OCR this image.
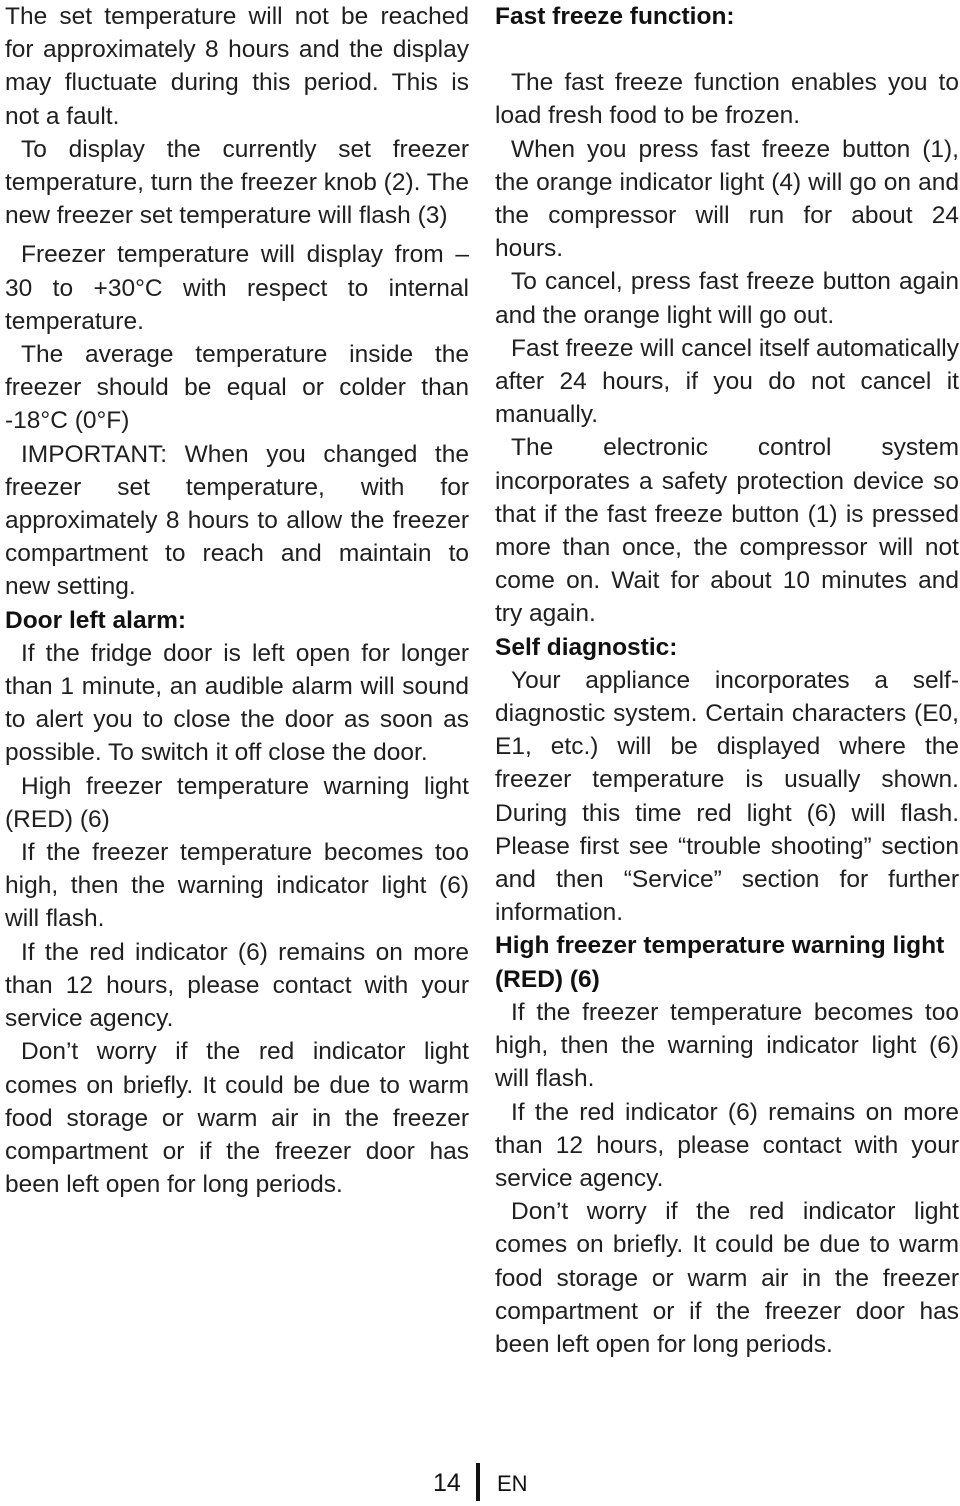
The set temperature will not be reached for approximately 8 hours and the display may fluctuate during this period. This is not a fault.

To display the currently set freezer temperature, turn the freezer knob (2). The new freezer set temperature will flash (3)

Freezer temperature will display from –30 to +30°C with respect to internal temperature.

The average temperature inside the freezer should be equal or colder than -18°C (0°F)

IMPORTANT: When you changed the freezer set temperature, with for approximately 8 hours to allow the freezer compartment to reach and maintain to new setting.

Door left alarm:

If the fridge door is left open for longer than 1 minute, an audible alarm will sound to alert you to close the door as soon as possible. To switch it off close the door.

High freezer temperature warning light (RED) (6)

If the freezer temperature becomes too high, then the warning indicator light (6) will flash.

If the red indicator (6) remains on more than 12 hours, please contact with your service agency.

Don’t worry if the red indicator light comes on briefly. It could be due to warm food storage or warm air in the freezer compartment or if the freezer door has been left open for long periods.

Fast freeze function:

The fast freeze function enables you to load fresh food to be frozen.

When you press fast freeze button (1), the orange indicator light (4) will go on and the compressor will run for about 24 hours.

To cancel, press fast freeze button again and the orange light will go out.

Fast freeze will cancel itself automatically after 24 hours, if you do not cancel it manually.

The electronic control system incorporates a safety protection device so that if the fast freeze button (1) is pressed more than once, the compressor will not come on. Wait for about 10 minutes and try again.

Self diagnostic:

Your appliance incorporates a self-diagnostic system. Certain characters (E0, E1, etc.) will be displayed where the freezer temperature is usually shown. During this time red light (6) will flash. Please first see “trouble shooting” section and then “Service” section for further information.

High freezer temperature warning light (RED) (6)

If the freezer temperature becomes too high, then the warning indicator light (6) will flash.

If the red indicator (6) remains on more than 12 hours, please contact with your service agency.

Don’t worry if the red indicator light comes on briefly. It could be due to warm food storage or warm air in the freezer compartment or if the freezer door has been left open for long periods.

14 EN
